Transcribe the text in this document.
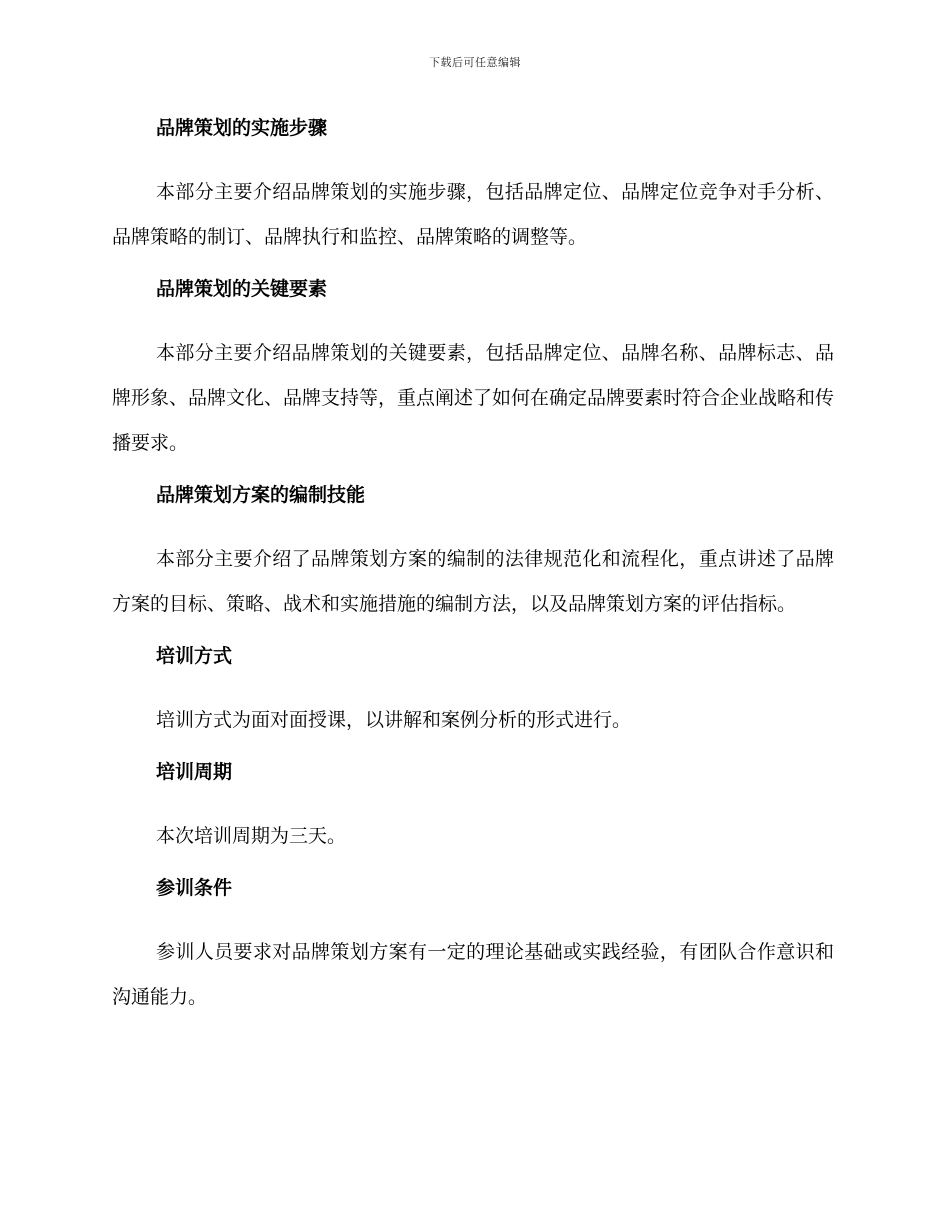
下载后可任意编辑
品牌策划的实施步骤

本部分主要介绍品牌策划的实施步骤，包括品牌定位、品牌定位竞争对手分析、品牌策略的制订、品牌执行和监控、品牌策略的调整等。

品牌策划的关键要素

本部分主要介绍品牌策划的关键要素，包括品牌定位、品牌名称、品牌标志、品牌形象、品牌文化、品牌支持等，重点阐述了如何在确定品牌要素时符合企业战略和传播要求。

品牌策划方案的编制技能

本部分主要介绍了品牌策划方案的编制的法律规范化和流程化，重点讲述了品牌方案的目标、策略、战术和实施措施的编制方法，以及品牌策划方案的评估指标。

培训方式

培训方式为面对面授课，以讲解和案例分析的形式进行。

培训周期

本次培训周期为三天。

参训条件

参训人员要求对品牌策划方案有一定的理论基础或实践经验，有团队合作意识和沟通能力。
